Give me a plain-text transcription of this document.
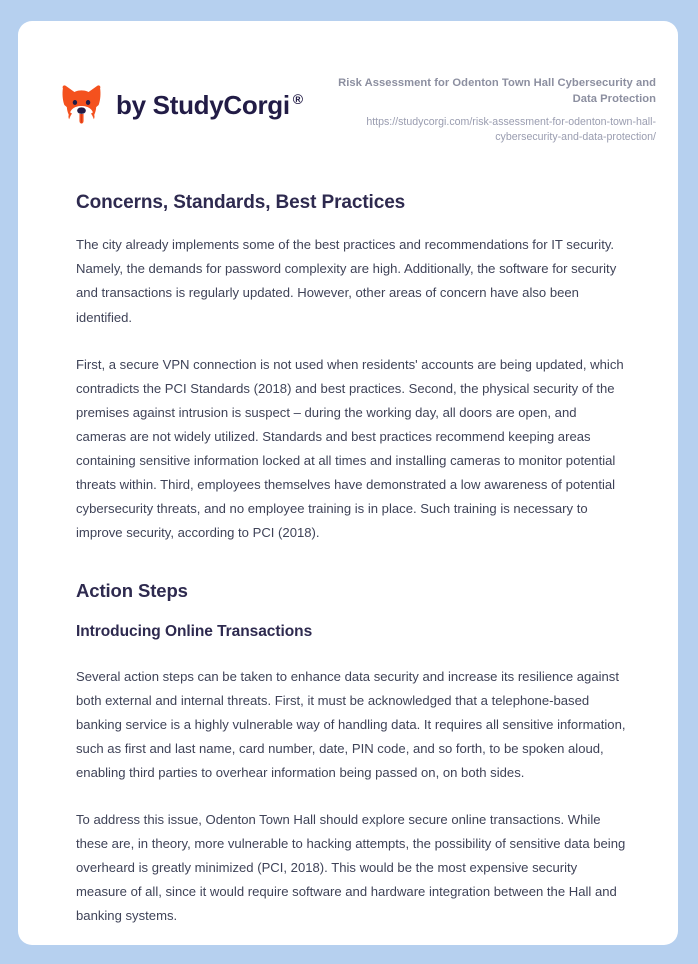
by StudyCorgi ®
Risk Assessment for Odenton Town Hall Cybersecurity and Data Protection
https://studycorgi.com/risk-assessment-for-odenton-town-hall-cybersecurity-and-data-protection/
Concerns, Standards, Best Practices

The city already implements some of the best practices and recommendations for IT security. Namely, the demands for password complexity are high. Additionally, the software for security and transactions is regularly updated. However, other areas of concern have also been identified.

First, a secure VPN connection is not used when residents' accounts are being updated, which contradicts the PCI Standards (2018) and best practices. Second, the physical security of the premises against intrusion is suspect – during the working day, all doors are open, and cameras are not widely utilized. Standards and best practices recommend keeping areas containing sensitive information locked at all times and installing cameras to monitor potential threats within. Third, employees themselves have demonstrated a low awareness of potential cybersecurity threats, and no employee training is in place. Such training is necessary to improve security, according to PCI (2018).

Action Steps
Introducing Online Transactions

Several action steps can be taken to enhance data security and increase its resilience against both external and internal threats. First, it must be acknowledged that a telephone-based banking service is a highly vulnerable way of handling data. It requires all sensitive information, such as first and last name, card number, date, PIN code, and so forth, to be spoken aloud, enabling third parties to overhear information being passed on, on both sides.

To address this issue, Odenton Town Hall should explore secure online transactions. While these are, in theory, more vulnerable to hacking attempts, the possibility of sensitive data being overheard is greatly minimized (PCI, 2018). This would be the most expensive security measure of all, since it would require software and hardware integration between the Hall and banking systems.
